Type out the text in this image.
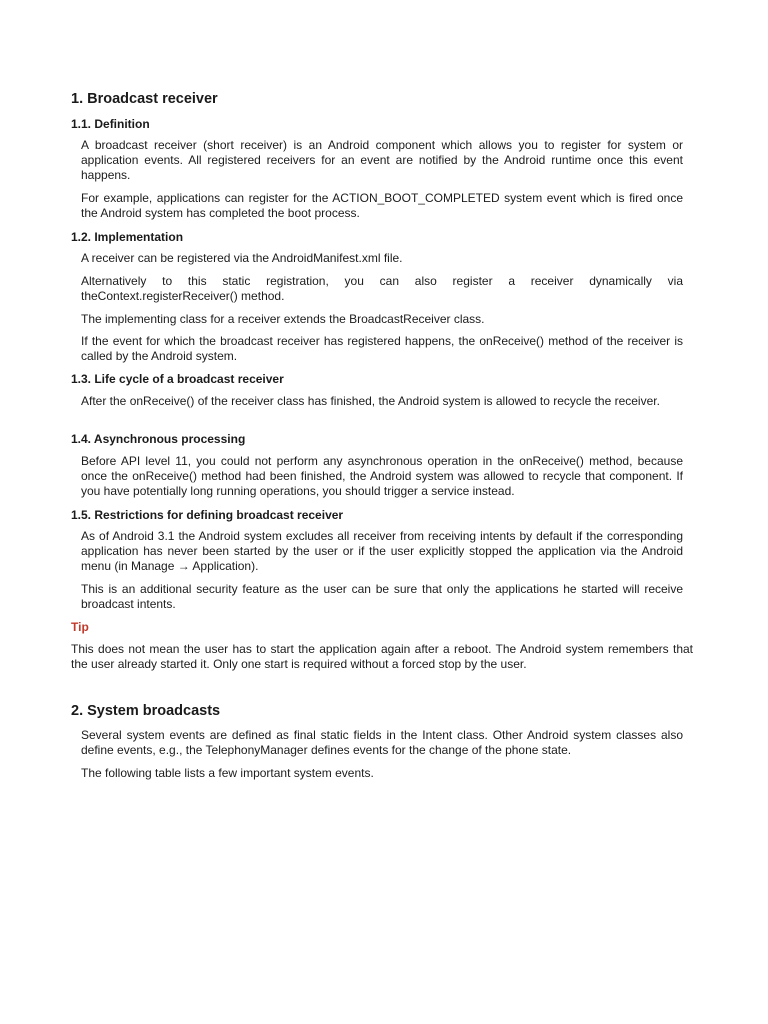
1. Broadcast receiver
1.1. Definition

A broadcast receiver (short receiver) is an Android component which allows you to register for system or application events. All registered receivers for an event are notified by the Android runtime once this event happens.

For example, applications can register for the ACTION_BOOT_COMPLETED system event which is fired once the Android system has completed the boot process.

1.2. Implementation

A receiver can be registered via the AndroidManifest.xml file.

Alternatively to this static registration, you can also register a receiver dynamically via theContext.registerReceiver() method.

The implementing class for a receiver extends the BroadcastReceiver class.

If the event for which the broadcast receiver has registered happens, the onReceive() method of the receiver is called by the Android system.

1.3. Life cycle of a broadcast receiver

After the onReceive() of the receiver class has finished, the Android system is allowed to recycle the receiver.

1.4. Asynchronous processing

Before API level 11, you could not perform any asynchronous operation in the onReceive() method, because once the onReceive() method had been finished, the Android system was allowed to recycle that component. If you have potentially long running operations, you should trigger a service instead.

1.5. Restrictions for defining broadcast receiver

As of Android 3.1 the Android system excludes all receiver from receiving intents by default if the corresponding application has never been started by the user or if the user explicitly stopped the application via the Android menu (in Manage → Application).

This is an additional security feature as the user can be sure that only the applications he started will receive broadcast intents.

Tip

This does not mean the user has to start the application again after a reboot. The Android system remembers that the user already started it. Only one start is required without a forced stop by the user.

2. System broadcasts

Several system events are defined as final static fields in the Intent class. Other Android system classes also define events, e.g., the TelephonyManager defines events for the change of the phone state.

The following table lists a few important system events.
